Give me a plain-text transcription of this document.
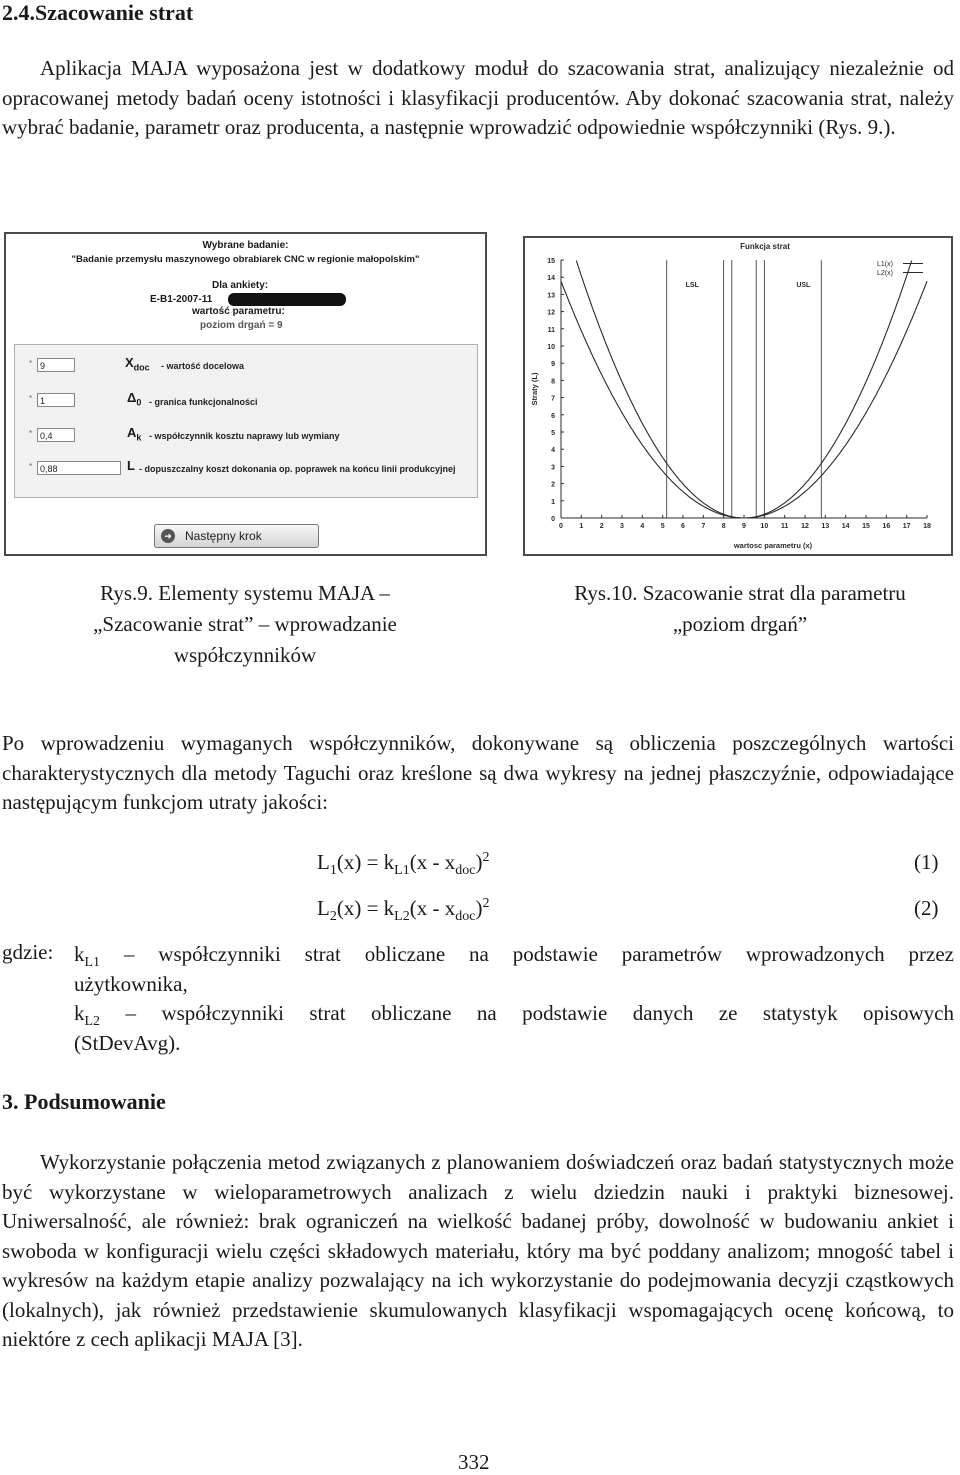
2.4.Szacowanie strat
Aplikacja MAJA wyposażona jest w dodatkowy moduł do szacowania strat, analizujący niezależnie od opracowanej metody badań oceny istotności i klasyfikacji producentów. Aby dokonać szacowania strat, należy wybrać badanie, parametr oraz producenta, a następnie wprowadzić odpowiednie współczynniki (Rys. 9.).
Wybrane badanie:
"Badanie przemysłu maszynowego obrabiarek CNC w regionie małopolskim"
Dla ankiety:
E-B1-2007-11
wartość parametru:
poziom drgań = 9
* 9	$X_{doc}$ - wartość docelowa
* 1	$\Delta_0$ - granica funkcjonalności
* 0,4	$A_k$ - współczynnik kosztu naprawy lub wymiany
* 0,88	L - dopuszczalny koszt dokonania op. poprawek na końcu linii produkcyjnej
➜ Następny krok
Funkcja strat
0
1
2
3
4
5
6
7
8
9
10
11
12
13
14
15
0 1 2 3 4 5 6 7 8 9 10 11 12 13 14 15 16 17 18
wartosc parametru (x)
Straty (L)
LSL	USL
L1(x)
L2(x)
Rys.9. Elementy systemu MAJA –
„Szacowanie strat” – wprowadzanie
współczynników
Rys.10. Szacowanie strat dla parametru
„poziom drgań”
Po wprowadzeniu wymaganych współczynników, dokonywane są obliczenia poszczególnych wartości charakterystycznych dla metody Taguchi oraz kreślone są dwa wykresy na jednej płaszczyźnie, odpowiadające następującym funkcjom utraty jakości:
$L_1(x) = k_{L1}(x - x_{doc})^2$	(1)
$L_2(x) = k_{L2}(x - x_{doc})^2$	(2)
gdzie: $k_{L1}$ – współczynniki strat obliczane na podstawie parametrów wprowadzonych przez
użytkownika,
$k_{L2}$ – współczynniki strat obliczane na podstawie danych ze statystyk opisowych
(StDevAvg).
3. Podsumowanie
Wykorzystanie połączenia metod związanych z planowaniem doświadczeń oraz badań statystycznych może być wykorzystane w wieloparametrowych analizach z wielu dziedzin nauki i praktyki biznesowej. Uniwersalność, ale również: brak ograniczeń na wielkość badanej próby, dowolność w budowaniu ankiet i swoboda w konfiguracji wielu części składowych materiału, który ma być poddany analizom; mnogość tabel i wykresów na każdym etapie analizy pozwalający na ich wykorzystanie do podejmowania decyzji cząstkowych (lokalnych), jak również przedstawienie skumulowanych klasyfikacji wspomagających ocenę końcową, to niektóre z cech aplikacji MAJA [3].
332
